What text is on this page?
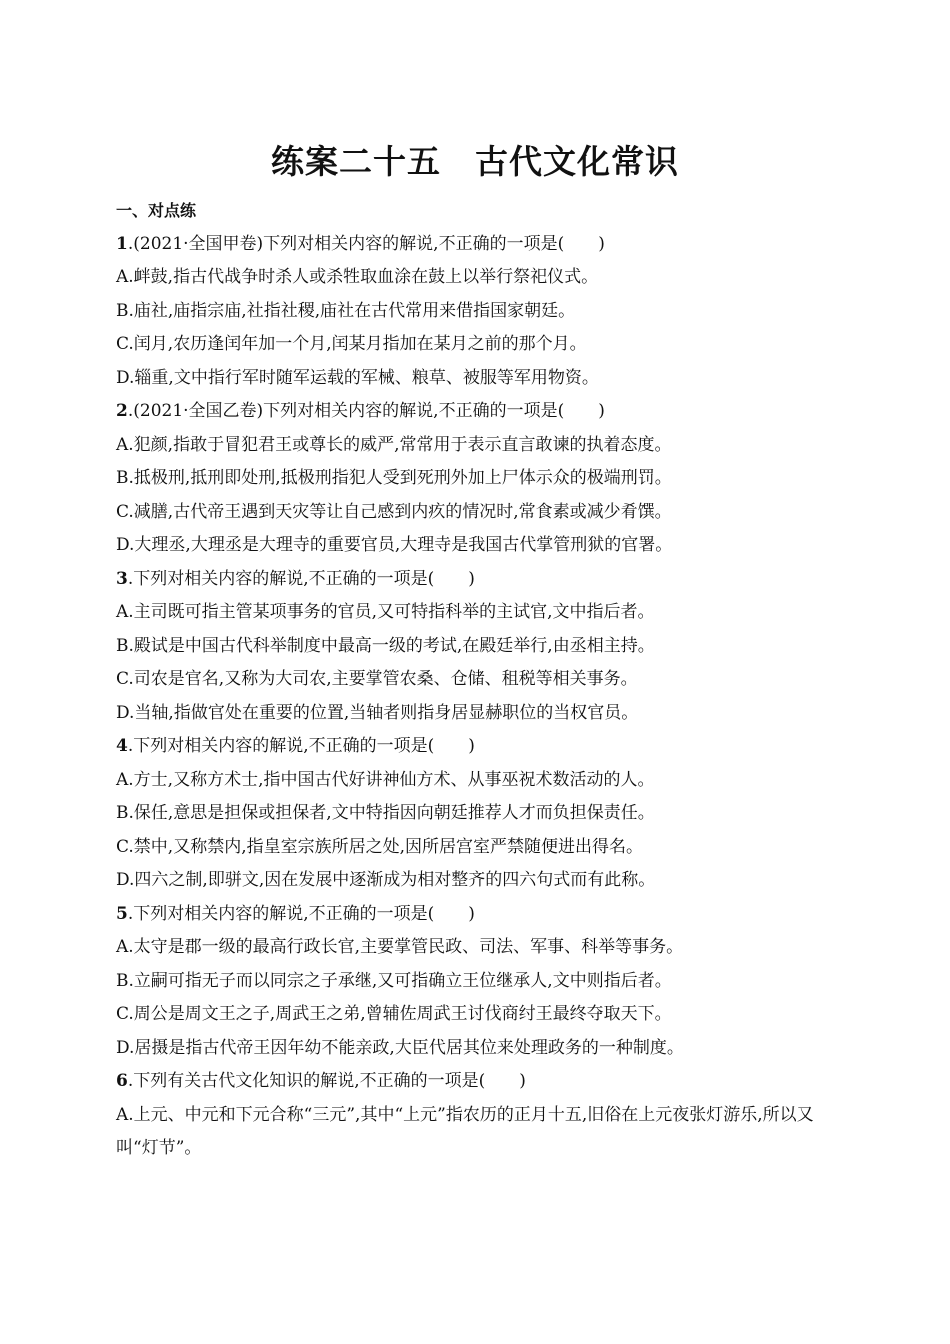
练案二十五　古代文化常识
一、对点练
1.(2021·全国甲卷)下列对相关内容的解说,不正确的一项是(　　)
A.衅鼓,指古代战争时杀人或杀牲取血涂在鼓上以举行祭祀仪式。
B.庙社,庙指宗庙,社指社稷,庙社在古代常用来借指国家朝廷。
C.闰月,农历逢闰年加一个月,闰某月指加在某月之前的那个月。
D.辎重,文中指行军时随军运载的军械、粮草、被服等军用物资。
2.(2021·全国乙卷)下列对相关内容的解说,不正确的一项是(　　)
A.犯颜,指敢于冒犯君王或尊长的威严,常常用于表示直言敢谏的执着态度。
B.抵极刑,抵刑即处刑,抵极刑指犯人受到死刑外加上尸体示众的极端刑罚。
C.减膳,古代帝王遇到天灾等让自己感到内疚的情况时,常食素或减少肴馔。
D.大理丞,大理丞是大理寺的重要官员,大理寺是我国古代掌管刑狱的官署。
3.下列对相关内容的解说,不正确的一项是(　　)
A.主司既可指主管某项事务的官员,又可特指科举的主试官,文中指后者。
B.殿试是中国古代科举制度中最高一级的考试,在殿廷举行,由丞相主持。
C.司农是官名,又称为大司农,主要掌管农桑、仓储、租税等相关事务。
D.当轴,指做官处在重要的位置,当轴者则指身居显赫职位的当权官员。
4.下列对相关内容的解说,不正确的一项是(　　)
A.方士,又称方术士,指中国古代好讲神仙方术、从事巫祝术数活动的人。
B.保任,意思是担保或担保者,文中特指因向朝廷推荐人才而负担保责任。
C.禁中,又称禁内,指皇室宗族所居之处,因所居宫室严禁随便进出得名。
D.四六之制,即骈文,因在发展中逐渐成为相对整齐的四六句式而有此称。
5.下列对相关内容的解说,不正确的一项是(　　)
A.太守是郡一级的最高行政长官,主要掌管民政、司法、军事、科举等事务。
B.立嗣可指无子而以同宗之子承继,又可指确立王位继承人,文中则指后者。
C.周公是周文王之子,周武王之弟,曾辅佐周武王讨伐商纣王最终夺取天下。
D.居摄是指古代帝王因年幼不能亲政,大臣代居其位来处理政务的一种制度。
6.下列有关古代文化知识的解说,不正确的一项是(　　)
A.上元、中元和下元合称“三元”,其中“上元”指农历的正月十五,旧俗在上元夜张灯游乐,所以又叫“灯节”。
